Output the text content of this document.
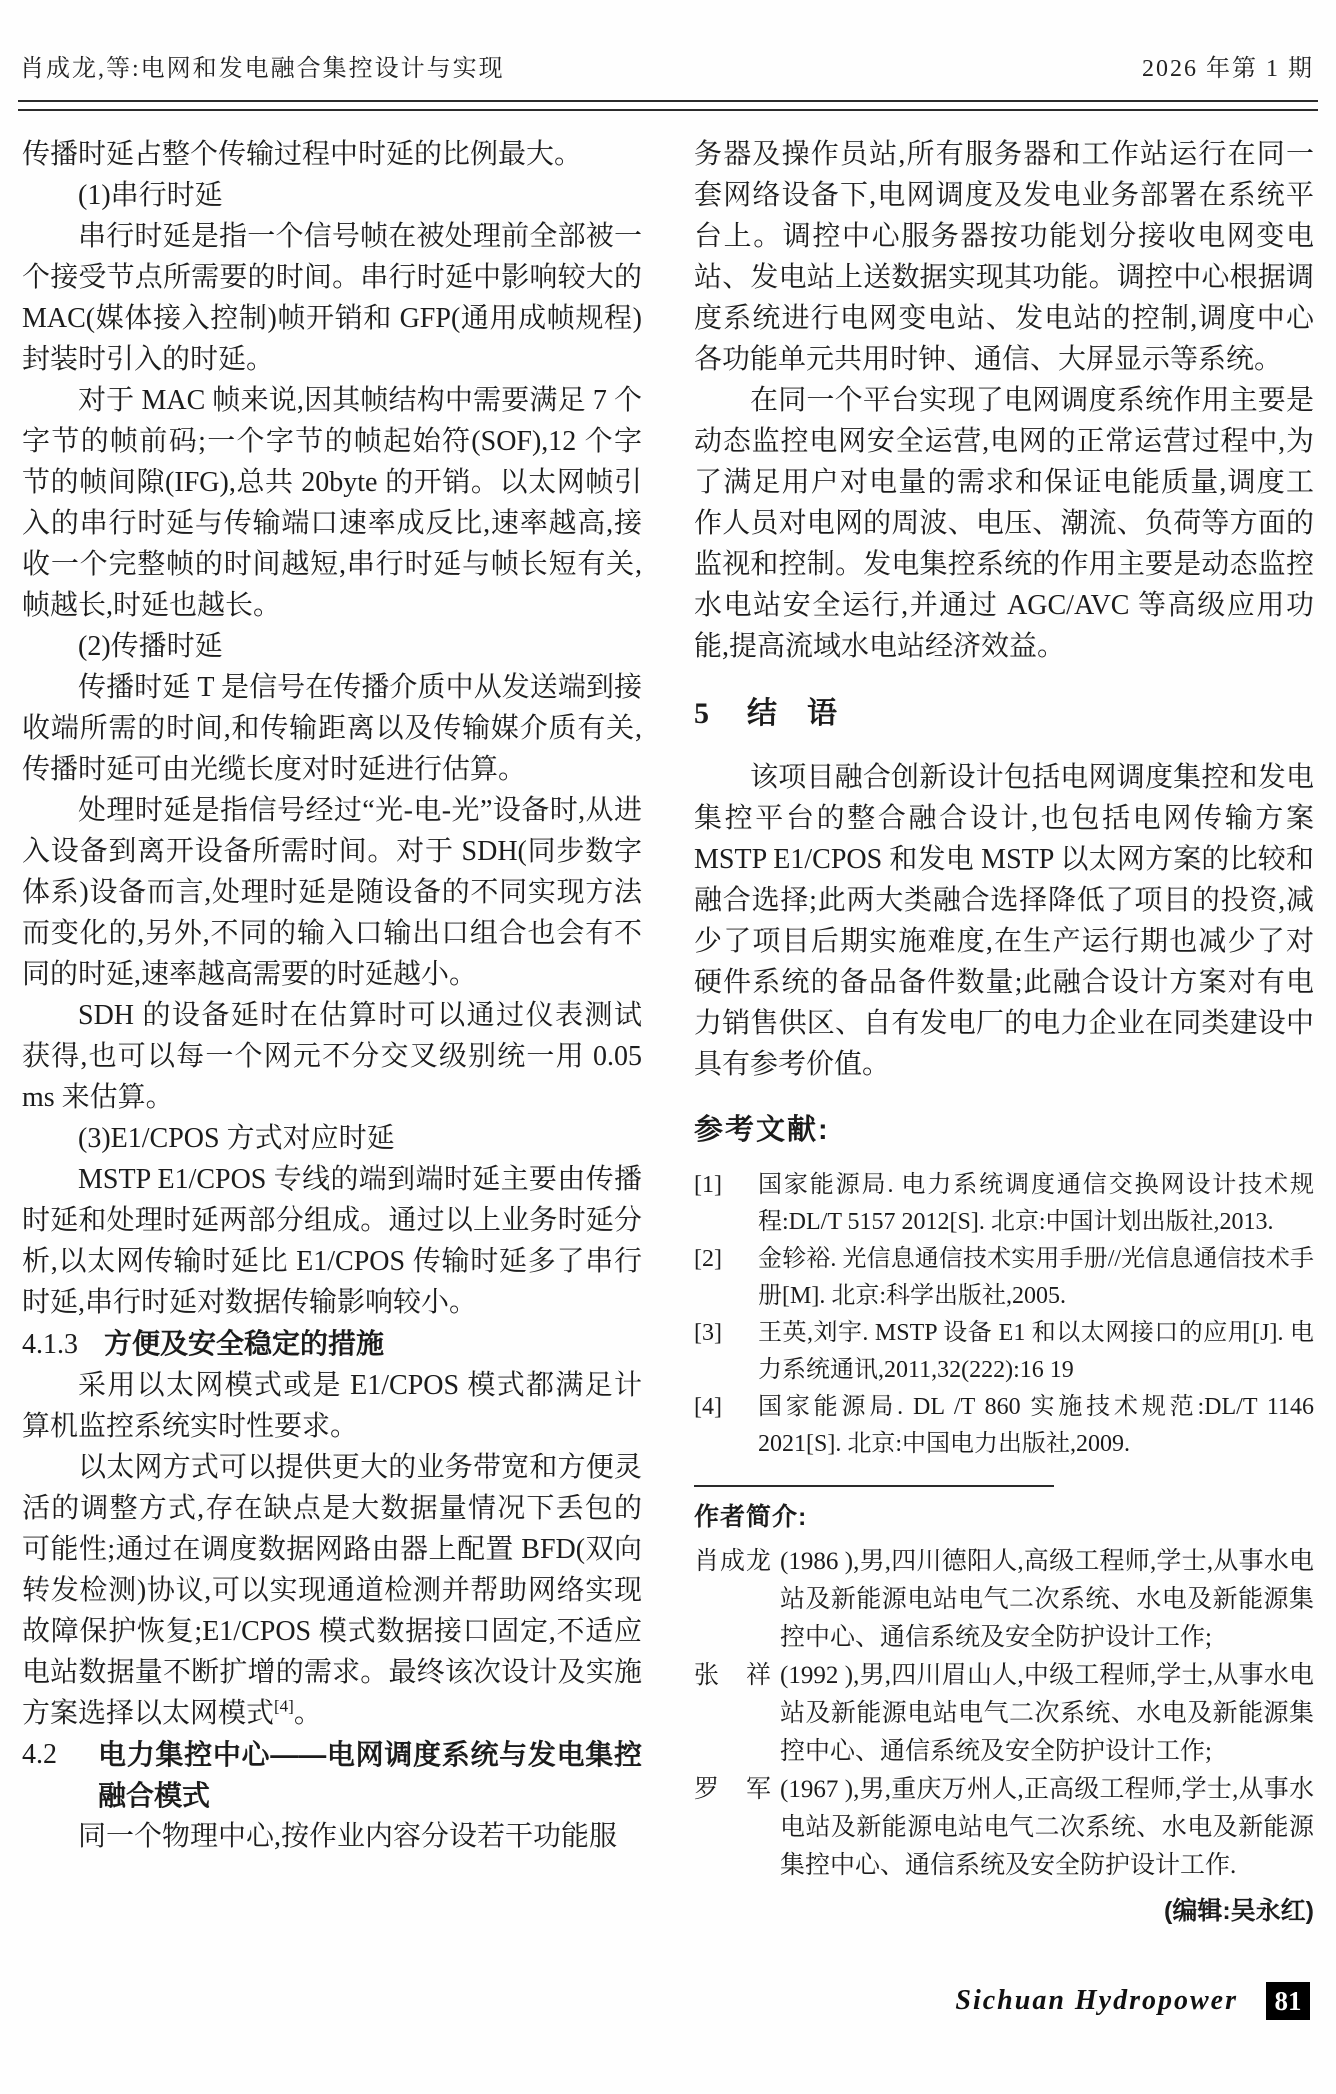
肖成龙,等:电网和发电融合集控设计与实现	2026 年第 1 期

传播时延占整个传输过程中时延的比例最大。

(1)串行时延

串行时延是指一个信号帧在被处理前全部被一个接受节点所需要的时间。串行时延中影响较大的 MAC(媒体接入控制)帧开销和 GFP(通用成帧规程)封装时引入的时延。

对于 MAC 帧来说,因其帧结构中需要满足 7 个字节的帧前码;一个字节的帧起始符(SOF),12 个字节的帧间隙(IFG),总共 20byte 的开销。以太网帧引入的串行时延与传输端口速率成反比,速率越高,接收一个完整帧的时间越短,串行时延与帧长短有关,帧越长,时延也越长。

(2)传播时延

传播时延 T 是信号在传播介质中从发送端到接收端所需的时间,和传输距离以及传输媒介质有关,传播时延可由光缆长度对时延进行估算。

处理时延是指信号经过“光-电-光”设备时,从进入设备到离开设备所需时间。对于 SDH(同步数字体系)设备而言,处理时延是随设备的不同实现方法而变化的,另外,不同的输入口输出口组合也会有不同的时延,速率越高需要的时延越小。

SDH 的设备延时在估算时可以通过仪表测试获得,也可以每一个网元不分交叉级别统一用 0.05 ms 来估算。

(3)E1/CPOS 方式对应时延

MSTP E1/CPOS 专线的端到端时延主要由传播时延和处理时延两部分组成。通过以上业务时延分析,以太网传输时延比 E1/CPOS 传输时延多了串行时延,串行时延对数据传输影响较小。

4.1.3 方便及安全稳定的措施

采用以太网模式或是 E1/CPOS 模式都满足计算机监控系统实时性要求。

以太网方式可以提供更大的业务带宽和方便灵活的调整方式,存在缺点是大数据量情况下丢包的可能性;通过在调度数据网路由器上配置 BFD(双向转发检测)协议,可以实现通道检测并帮助网络实现故障保护恢复;E1/CPOS 模式数据接口固定,不适应电站数据量不断扩增的需求。最终该次设计及实施方案选择以太网模式[4]。

4.2	电力集控中心——电网调度系统与发电集控融合模式

同一个物理中心,按作业内容分设若干功能服

务器及操作员站,所有服务器和工作站运行在同一套网络设备下,电网调度及发电业务部署在系统平台上。调控中心服务器按功能划分接收电网变电站、发电站上送数据实现其功能。调控中心根据调度系统进行电网变电站、发电站的控制,调度中心各功能单元共用时钟、通信、大屏显示等系统。

在同一个平台实现了电网调度系统作用主要是动态监控电网安全运营,电网的正常运营过程中,为了满足用户对电量的需求和保证电能质量,调度工作人员对电网的周波、电压、潮流、负荷等方面的监视和控制。发电集控系统的作用主要是动态监控水电站安全运行,并通过 AGC/AVC 等高级应用功能,提高流域水电站经济效益。

5 结　语

该项目融合创新设计包括电网调度集控和发电集控平台的整合融合设计,也包括电网传输方案 MSTP E1/CPOS 和发电 MSTP 以太网方案的比较和融合选择;此两大类融合选择降低了项目的投资,减少了项目后期实施难度,在生产运行期也减少了对硬件系统的备品备件数量;此融合设计方案对有电力销售供区、自有发电厂的电力企业在同类建设中具有参考价值。

参考文献:

[1] 国家能源局. 电力系统调度通信交换网设计技术规程:DL/T 5157 2012[S]. 北京:中国计划出版社,2013.

[2] 金轸裕. 光信息通信技术实用手册//光信息通信技术手册[M]. 北京:科学出版社,2005.

[3] 王英,刘宇. MSTP 设备 E1 和以太网接口的应用[J]. 电力系统通讯,2011,32(222):16 19

[4] 国家能源局. DL /T 860 实施技术规范:DL/T 1146 2021[S]. 北京:中国电力出版社,2009.

作者简介:

肖成龙 (1986 ),男,四川德阳人,高级工程师,学士,从事水电站及新能源电站电气二次系统、水电及新能源集控中心、通信系统及安全防护设计工作;

张　祥 (1992 ),男,四川眉山人,中级工程师,学士,从事水电站及新能源电站电气二次系统、水电及新能源集控中心、通信系统及安全防护设计工作;

罗　军 (1967 ),男,重庆万州人,正高级工程师,学士,从事水电站及新能源电站电气二次系统、水电及新能源集控中心、通信系统及安全防护设计工作.

(编辑:吴永红)
Sichuan Hydropower	81
